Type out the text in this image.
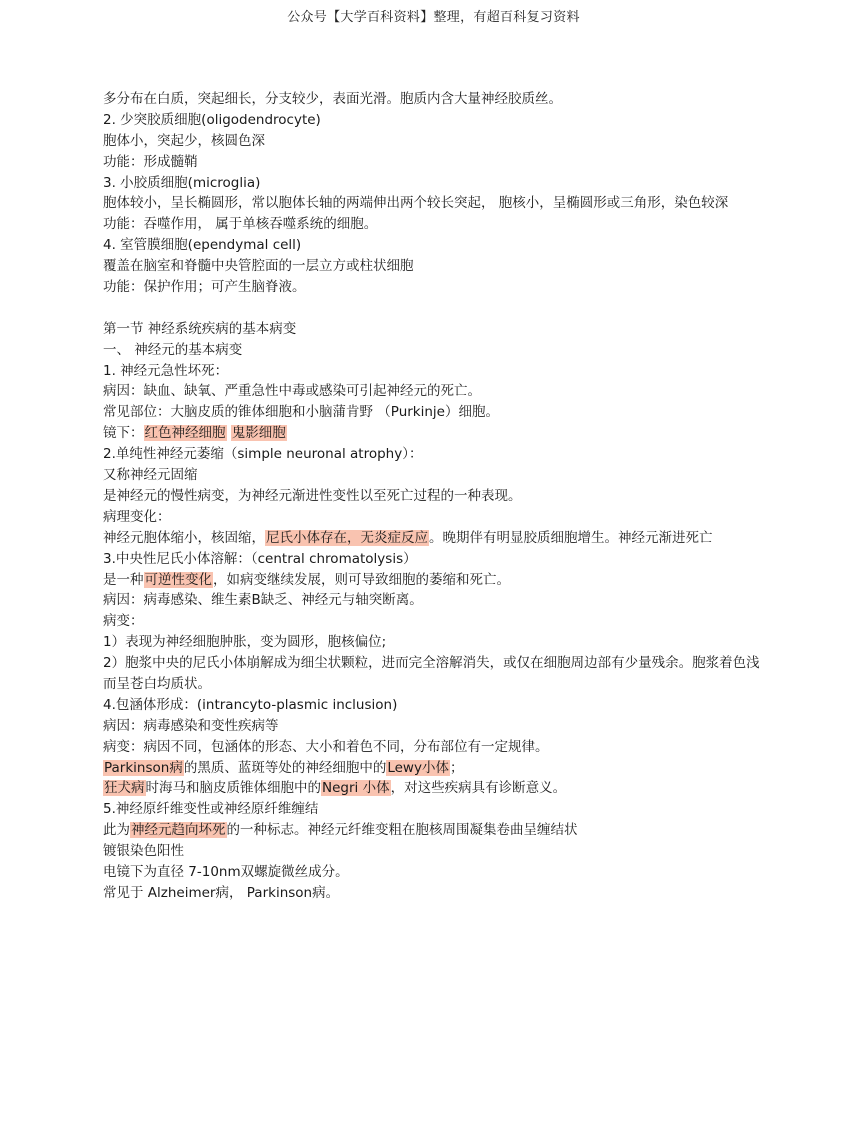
公众号【大学百科资料】整理，有超百科复习资料
多分布在白质，突起细长，分支较少，表面光滑。胞质内含大量神经胶质丝。
2. 少突胶质细胞(oligodendrocyte)
胞体小，突起少，核圆色深
功能：形成髓鞘
3. 小胶质细胞(microglia)
胞体较小，呈长椭圆形，常以胞体长轴的两端伸出两个较长突起， 胞核小，呈椭圆形或三角形，染色较深
功能：吞噬作用， 属于单核吞噬系统的细胞。
4. 室管膜细胞(ependymal cell)
覆盖在脑室和脊髓中央管腔面的一层立方或柱状细胞
功能：保护作用；可产生脑脊液。
第一节 神经系统疾病的基本病变
一、 神经元的基本病变
1. 神经元急性坏死：
病因：缺血、缺氧、严重急性中毒或感染可引起神经元的死亡。
常见部位：大脑皮质的锥体细胞和小脑蒲肯野 （Purkinje）细胞。
镜下：红色神经细胞 鬼影细胞
2.单纯性神经元萎缩（simple neuronal atrophy）：
又称神经元固缩
是神经元的慢性病变，为神经元渐进性变性以至死亡过程的一种表现。
病理变化：
神经元胞体缩小，核固缩，尼氏小体存在，无炎症反应。晚期伴有明显胶质细胞增生。神经元渐进死亡
3.中央性尼氏小体溶解：（central chromatolysis）
是一种可逆性变化，如病变继续发展，则可导致细胞的萎缩和死亡。
病因：病毒感染、维生素B缺乏、神经元与轴突断离。
病变：
1）表现为神经细胞肿胀，变为圆形，胞核偏位;
2）胞浆中央的尼氏小体崩解成为细尘状颗粒，进而完全溶解消失，或仅在细胞周边部有少量残余。胞浆着色浅而呈苍白均质状。
4.包涵体形成：(intrancyto-plasmic inclusion)
病因：病毒感染和变性疾病等
病变：病因不同，包涵体的形态、大小和着色不同，分布部位有一定规律。
Parkinson病的黑质、蓝斑等处的神经细胞中的Lewy小体；
狂犬病时海马和脑皮质锥体细胞中的Negri 小体，对这些疾病具有诊断意义。
5.神经原纤维变性或神经原纤维缠结
此为神经元趋向坏死的一种标志。神经元纤维变粗在胞核周围凝集卷曲呈缠结状
镀银染色阳性
电镜下为直径 7-10nm双螺旋微丝成分。
常见于 Alzheimer病， Parkinson病。
